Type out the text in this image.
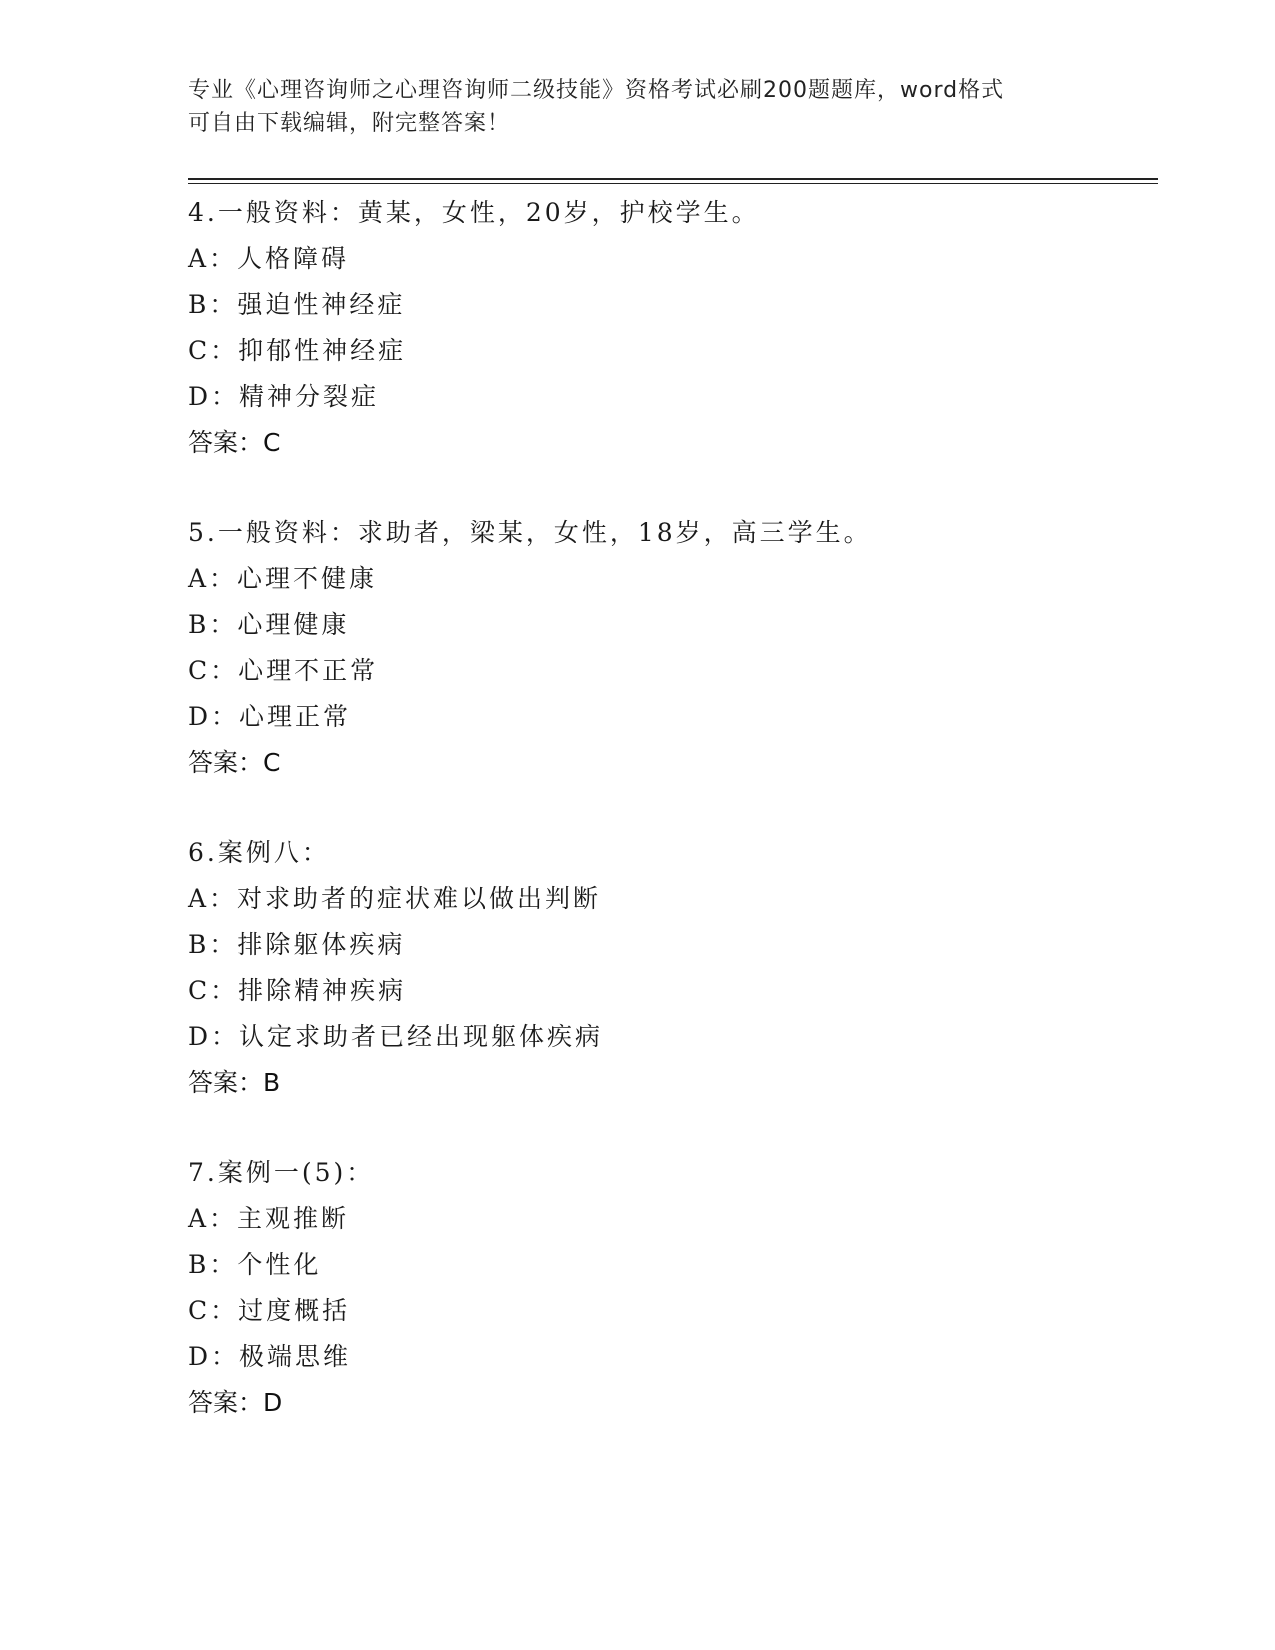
专业《心理咨询师之心理咨询师二级技能》资格考试必刷200题题库，word格式
可自由下载编辑，附完整答案！
4.一般资料：黄某，女性，20岁，护校学生。
A：人格障碍
B：强迫性神经症
C：抑郁性神经症
D：精神分裂症
答案：C
5.一般资料：求助者，梁某，女性，18岁，高三学生。
A：心理不健康
B：心理健康
C：心理不正常
D：心理正常
答案：C
6.案例八：
A：对求助者的症状难以做出判断
B：排除躯体疾病
C：排除精神疾病
D：认定求助者已经出现躯体疾病
答案：B
7.案例一(5)：
A：主观推断
B：个性化
C：过度概括
D：极端思维
答案：D
